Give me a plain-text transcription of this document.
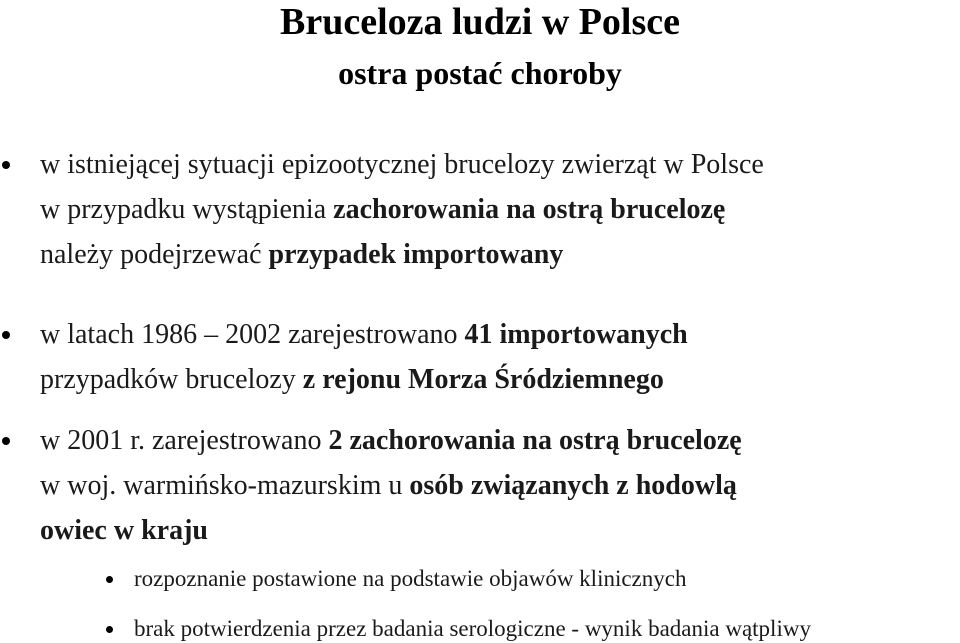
Bruceloza ludzi w Polsce
ostra postać choroby
w istniejącej sytuacji epizootycznej brucelozy zwierząt w Polsce
w przypadku wystąpienia zachorowania na ostrą brucelozę
należy podejrzewać przypadek importowany
w latach 1986 – 2002 zarejestrowano 41 importowanych
przypadków brucelozy z rejonu Morza Śródziemnego
w 2001 r. zarejestrowano 2 zachorowania na ostrą brucelozę
w woj. warmińsko-mazurskim u osób związanych z hodowlą
owiec w kraju
rozpoznanie postawione na podstawie objawów klinicznych
brak potwierdzenia przez badania serologiczne - wynik badania wątpliwy
